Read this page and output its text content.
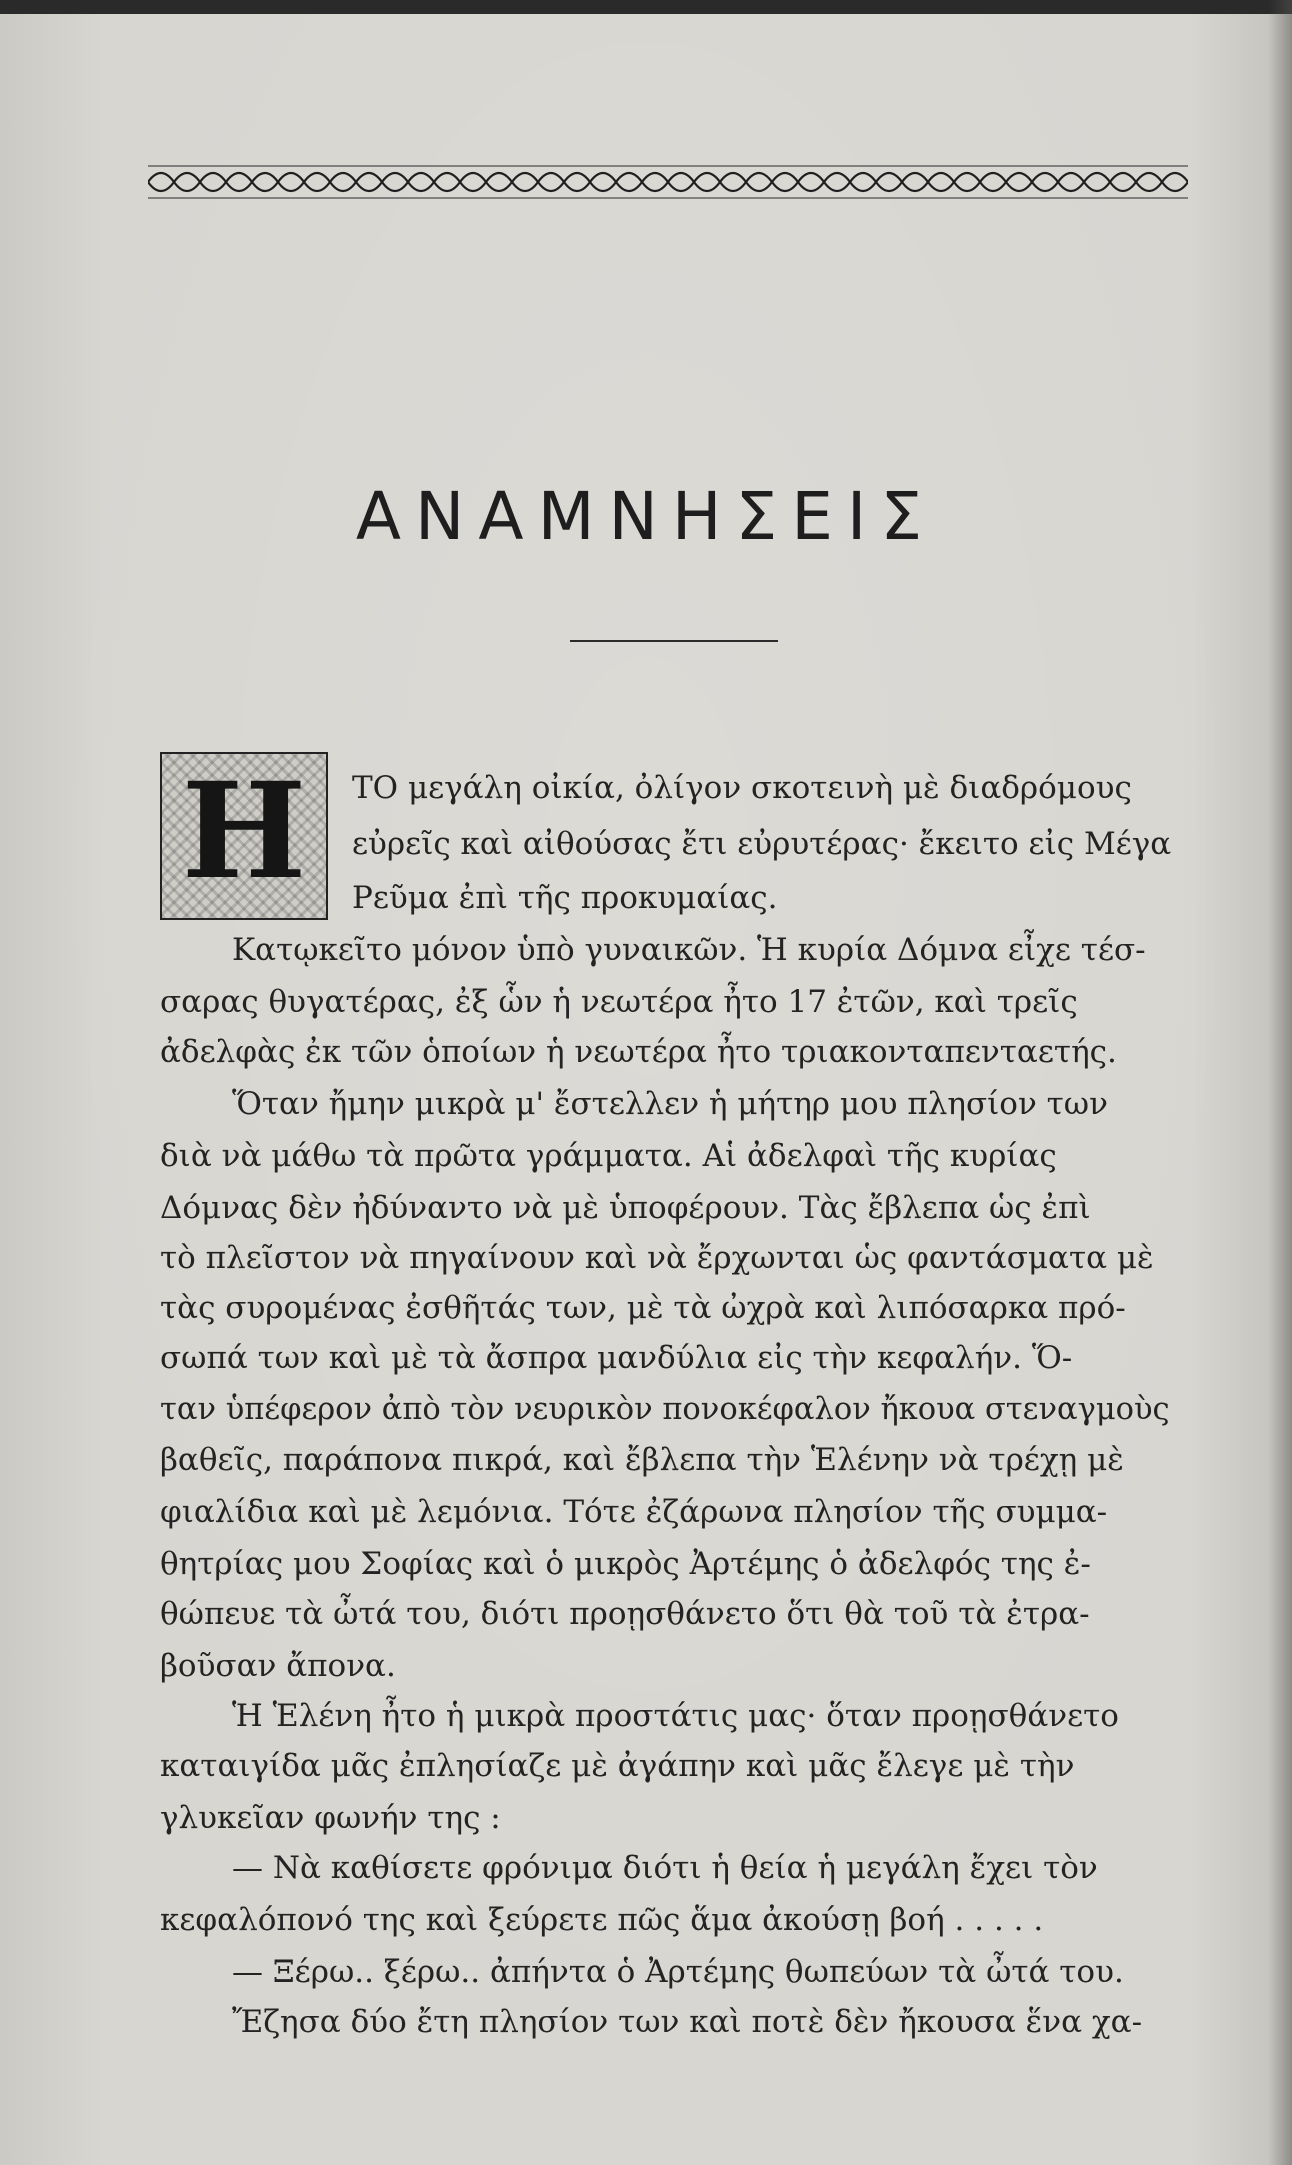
ΑΝΑΜΝΗΣΕΙΣ
Η	ΤΟ μεγάλη οἰκία, ὀλίγον σκοτεινὴ μὲ διαδρόμους
εὐρεῖς καὶ αἰθούσας ἔτι εὐρυτέρας· ἔκειτο εἰς Μέγα
Ρεῦμα ἐπὶ τῆς προκυμαίας.
Κατῳκεῖτο μόνον ὑπὸ γυναικῶν. Ἡ κυρία Δόμνα εἶχε τέσ-
σαρας θυγατέρας, ἐξ ὧν ἡ νεωτέρα ἦτο 17 ἐτῶν, καὶ τρεῖς
ἀδελφὰς ἐκ τῶν ὁποίων ἡ νεωτέρα ἦτο τριακονταπενταετής.
Ὅταν ἤμην μικρὰ μ' ἔστελλεν ἡ μήτηρ μου πλησίον των
διὰ νὰ μάθω τὰ πρῶτα γράμματα. Αἱ ἀδελφαὶ τῆς κυρίας
Δόμνας δὲν ἠδύναντο νὰ μὲ ὑποφέρουν. Τὰς ἔβλεπα ὡς ἐπὶ
τὸ πλεῖστον νὰ πηγαίνουν καὶ νὰ ἔρχωνται ὡς φαντάσματα μὲ
τὰς συρομένας ἐσθῆτάς των, μὲ τὰ ὠχρὰ καὶ λιπόσαρκα πρό-
σωπά των καὶ μὲ τὰ ἄσπρα μανδύλια εἰς τὴν κεφαλήν. Ὅ-
ταν ὑπέφερον ἀπὸ τὸν νευρικὸν πονοκέφαλον ἤκουα στεναγμοὺς
βαθεῖς, παράπονα πικρά, καὶ ἔβλεπα τὴν Ἑλένην νὰ τρέχῃ μὲ
φιαλίδια καὶ μὲ λεμόνια. Τότε ἐζάρωνα πλησίον τῆς συμμα-
θητρίας μου Σοφίας καὶ ὁ μικρὸς Ἀρτέμης ὁ ἀδελφός της ἐ-
θώπευε τὰ ὦτά του, διότι προῃσθάνετο ὅτι θὰ τοῦ τὰ ἐτρα-
βοῦσαν ἄπονα.
Ἡ Ἑλένη ἦτο ἡ μικρὰ προστάτις μας· ὅταν προῃσθάνετο
καταιγίδα μᾶς ἐπλησίαζε μὲ ἀγάπην καὶ μᾶς ἔλεγε μὲ τὴν
γλυκεῖαν φωνήν της :
— Νὰ καθίσετε φρόνιμα διότι ἡ θεία ἡ μεγάλη ἔχει τὸν
κεφαλόπονό της καὶ ξεύρετε πῶς ἅμα ἀκούσῃ βοή . . . . .
— Ξέρω.. ξέρω.. ἀπήντα ὁ Ἀρτέμης θωπεύων τὰ ὦτά του.
Ἔζησα δύο ἔτη πλησίον των καὶ ποτὲ δὲν ἤκουσα ἕνα χα-
